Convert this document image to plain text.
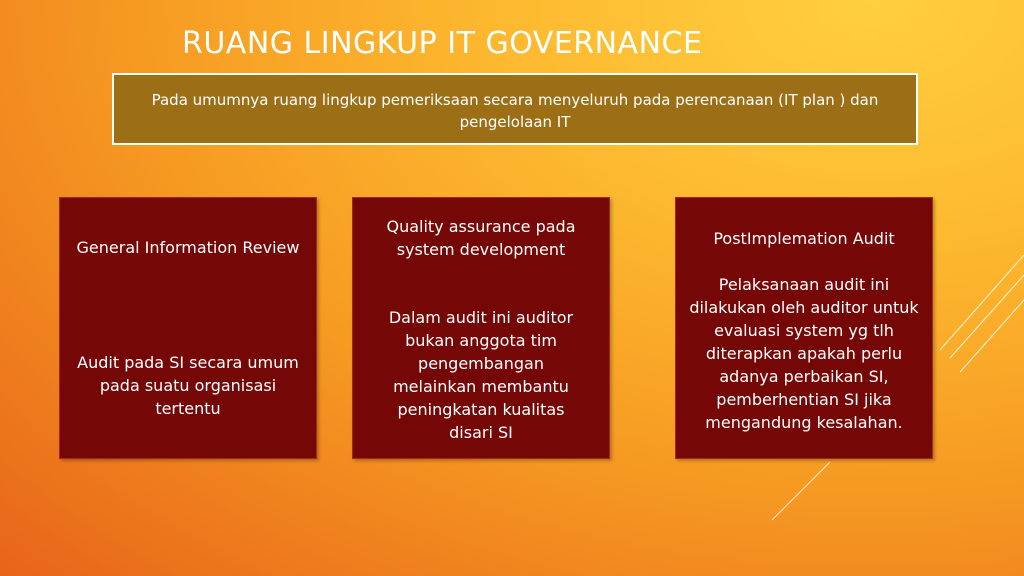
RUANG LINGKUP IT GOVERNANCE
Pada umumnya ruang lingkup pemeriksaan secara menyeluruh pada perencanaan (IT plan ) dan pengelolaan IT
General Information Review
Audit pada SI secara umum pada suatu organisasi tertentu
Quality assurance pada system development
Dalam audit ini auditor bukan anggota tim pengembangan melainkan membantu peningkatan kualitas disari SI
PostImplemation Audit
Pelaksanaan audit ini dilakukan oleh auditor untuk evaluasi system yg tlh diterapkan apakah perlu adanya perbaikan SI, pemberhentian SI jika mengandung kesalahan.
